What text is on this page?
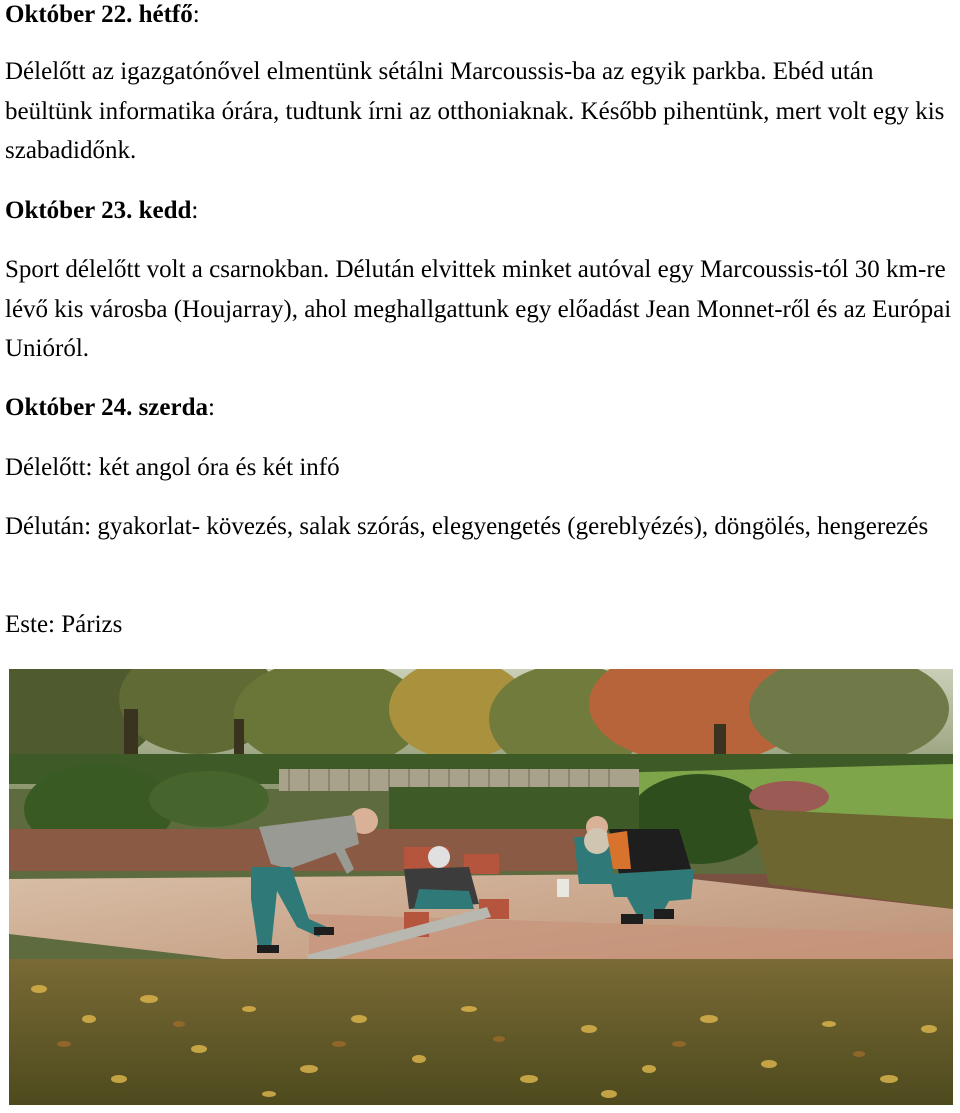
Október 22. hétfő:

Délelőtt az igazgatónővel elmentünk sétálni Marcoussis-ba az egyik parkba. Ebéd után beültünk informatika órára, tudtunk írni az otthoniaknak. Később pihentünk, mert volt egy kis szabadidőnk.

Október 23. kedd:

Sport délelőtt volt a csarnokban. Délután elvittek minket autóval egy Marcoussis-tól 30 km-re lévő kis városba (Houjarray), ahol meghallgattunk egy előadást Jean Monnet-ről és az Európai Unióról.

Október 24. szerda:

Délelőtt: két angol óra és két infó

Délután: gyakorlat- kövezés, salak szórás, elegyengetés (gereblyézés), döngölés, hengerezés

Este: Párizs
